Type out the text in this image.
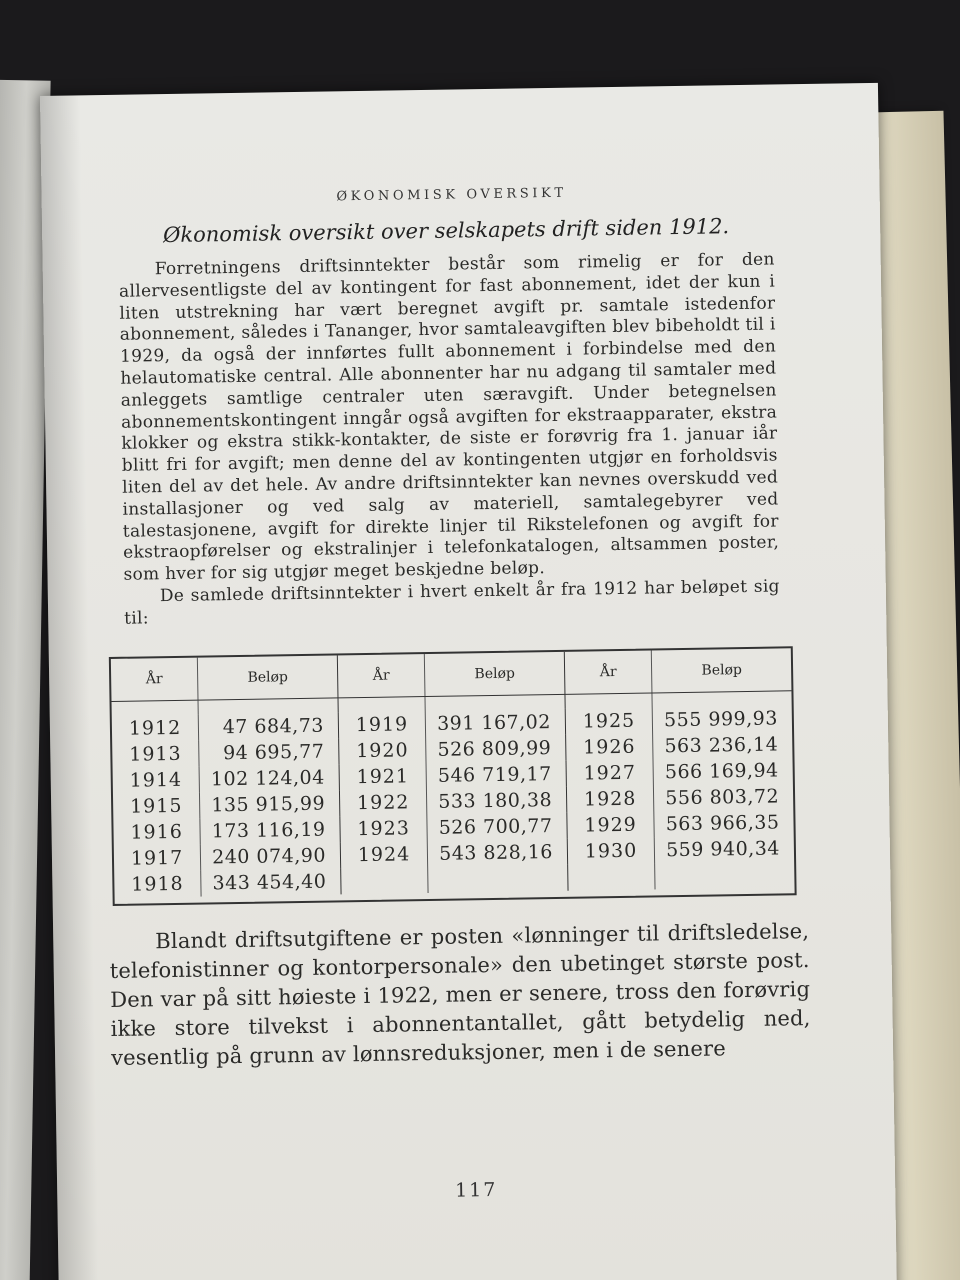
ØKONOMISK OVERSIKT
Økonomisk oversikt over selskapets drift siden 1912.

Forretningens driftsinntekter består som rimelig er for den allervesentligste del av kontingent for fast abonnement, idet der kun i liten utstrekning har vært beregnet avgift pr. samtale istedenfor abonnement, således i Tananger, hvor samtaleavgiften blev bibeholdt til i 1929, da også der innførtes fullt abonnement i forbindelse med den helautomatiske central. Alle abonnenter har nu adgang til samtaler med anleggets samtlige centraler uten særavgift. Under betegnelsen abonnementskontingent inngår også avgiften for ekstraapparater, ekstra klokker og ekstra stikk-kontakter, de siste er forøvrig fra 1. januar iår blitt fri for avgift; men denne del av kontingenten utgjør en forholdsvis liten del av det hele. Av andre driftsinntekter kan nevnes overskudd ved installasjoner og ved salg av materiell, samtalegebyrer ved talestasjonene, avgift for direkte linjer til Rikstelefonen og avgift for ekstraopførelser og ekstralinjer i telefonkatalogen, altsammen poster, som hver for sig utgjør meget beskjedne beløp.

De samlede driftsinntekter i hvert enkelt år fra 1912 har beløpet sig til:

År	Beløp	År	Beløp	År	Beløp

1912	47 684,73	1919	391 167,02	1925	555 999,93
1913	94 695,77	1920	526 809,99	1926	563 236,14
1914	102 124,04	1921	546 719,17	1927	566 169,94
1915	135 915,99	1922	533 180,38	1928	556 803,72
1916	173 116,19	1923	526 700,77	1929	563 966,35
1917	240 074,90	1924	543 828,16	1930	559 940,34
1918	343 454,40				

Blandt driftsutgiftene er posten «lønninger til driftsledelse, telefonistinner og kontorpersonale» den ubetinget største post. Den var på sitt høieste i 1922, men er senere, tross den forøvrig ikke store tilvekst i abonnentantallet, gått betydelig ned, vesentlig på grunn av lønnsreduksjoner, men i de senere

117
